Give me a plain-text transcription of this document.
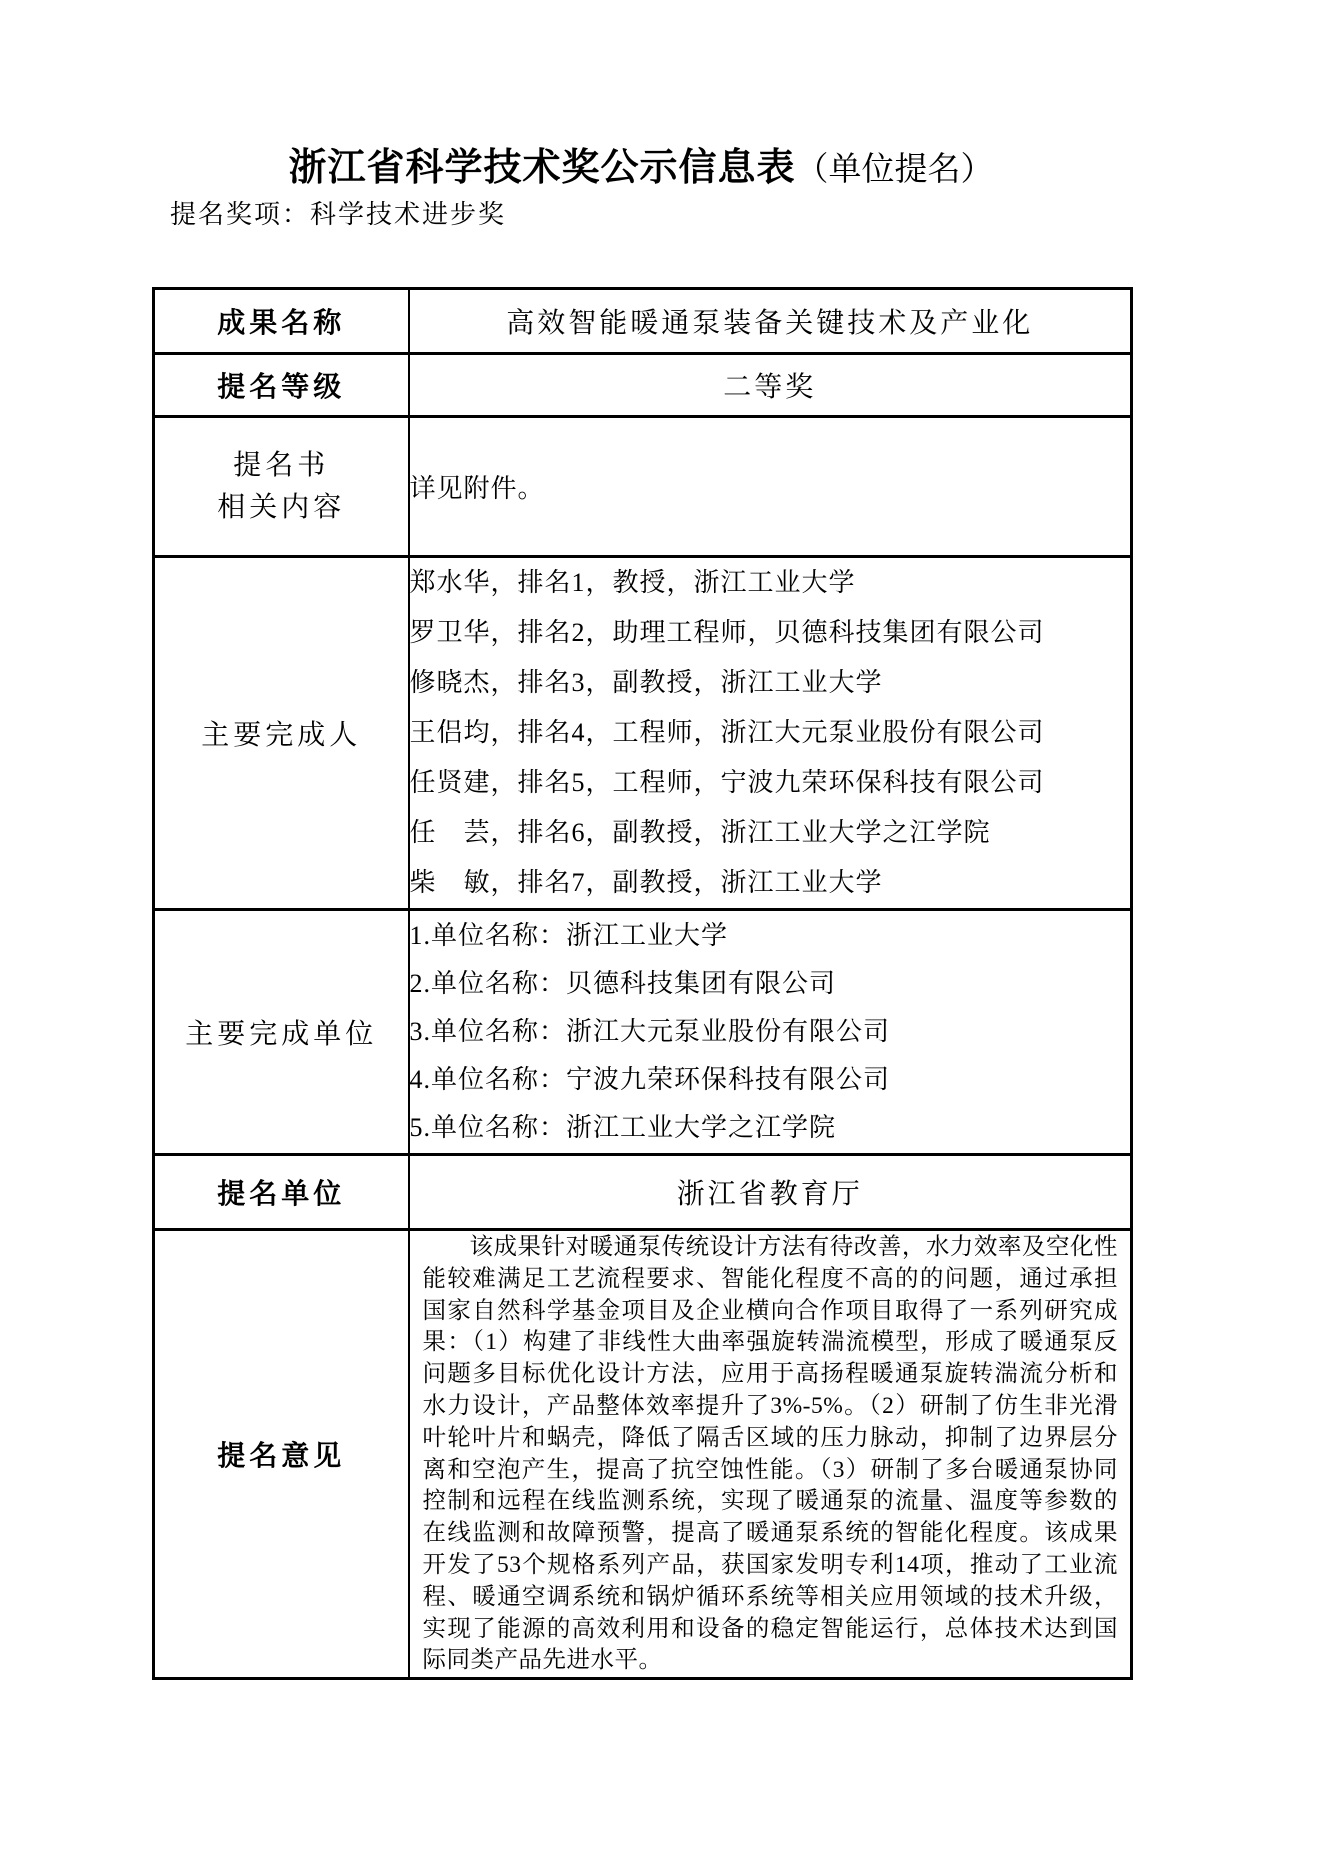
浙江省科学技术奖公示信息表（单位提名）
提名奖项：科学技术进步奖
成果名称	高效智能暖通泵装备关键技术及产业化
提名等级	二等奖

提名书
相关内容	详见附件。
主要完成人	
郑水华，排名1，教授，浙江工业大学
罗卫华，排名2，助理工程师，贝德科技集团有限公司
修晓杰，排名3，副教授，浙江工业大学
王侣均，排名4，工程师，浙江大元泵业股份有限公司
任贤建，排名5，工程师，宁波九荣环保科技有限公司
任　芸，排名6，副教授，浙江工业大学之江学院
柴　敏，排名7，副教授，浙江工业大学

主要完成单位	1.单位名称：浙江工业大学
2.单位名称：贝德科技集团有限公司
3.单位名称：浙江大元泵业股份有限公司
4.单位名称：宁波九荣环保科技有限公司
5.单位名称：浙江工业大学之江学院

提名单位	浙江省教育厅
提名意见	该成果针对暖通泵传统设计方法有待改善，水力效率及空化性能较难满足工艺流程要求、智能化程度不高的的问题，通过承担国家自然科学基金项目及企业横向合作项目取得了一系列研究成果：（1）构建了非线性大曲率强旋转湍流模型，形成了暖通泵反问题多目标优化设计方法，应用于高扬程暖通泵旋转湍流分析和水力设计，产品整体效率提升了3%-5%。（2）研制了仿生非光滑叶轮叶片和蜗壳，降低了隔舌区域的压力脉动，抑制了边界层分离和空泡产生，提高了抗空蚀性能。（3）研制了多台暖通泵协同控制和远程在线监测系统，实现了暖通泵的流量、温度等参数的在线监测和故障预警，提高了暖通泵系统的智能化程度。该成果开发了53个规格系列产品，获国家发明专利14项，推动了工业流程、暖通空调系统和锅炉循环系统等相关应用领域的技术升级，实现了能源的高效利用和设备的稳定智能运行，总体技术达到国际同类产品先进水平。
